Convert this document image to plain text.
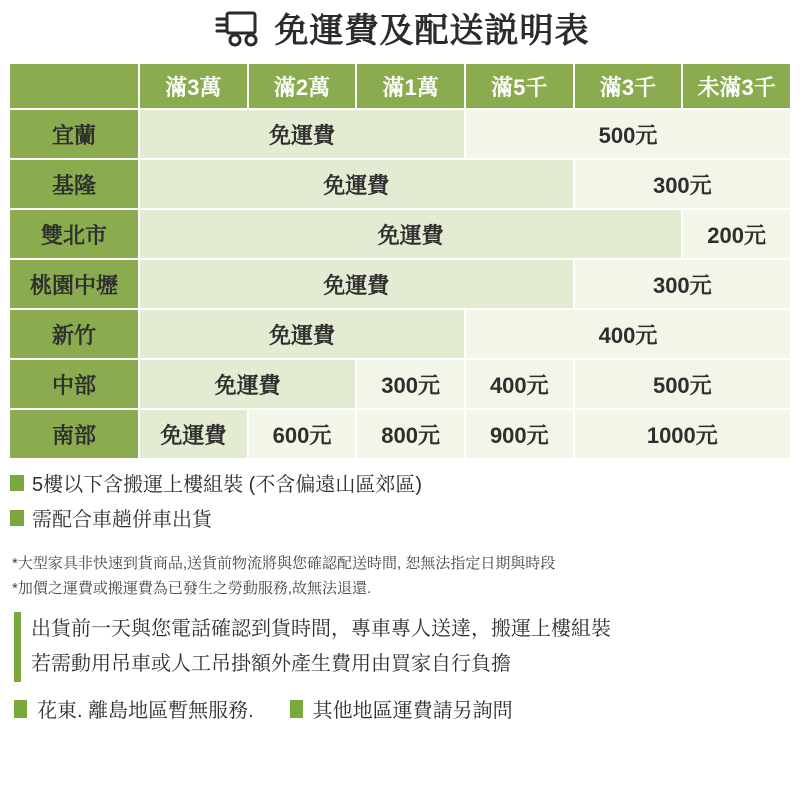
免運費及配送説明表
	滿3萬	滿2萬	滿1萬	滿5千	滿3千	未滿3千
宜蘭	免運費			500元		
基隆	免運費				300元	
雙北市	免運費					200元
桃園中壢	免運費				300元	
新竹	免運費			400元		
中部	免運費		300元	400元	500元	
南部	免運費	600元	800元	900元	1000元	
5樓以下含搬運上樓組裝 (不含偏遠山區郊區)
需配合車趟併車出貨

*大型家具非快速到貨商品,送貨前物流將與您確認配送時間, 恕無法指定日期與時段

*加價之運費或搬運費為已發生之勞動服務,故無法退還.

出貨前一天與您電話確認到貨時間，專車專人送達，搬運上樓組裝

若需動用吊車或人工吊掛額外產生費用由買家自行負擔

花東. 離島地區暫無服務.	其他地區運費請另詢問
